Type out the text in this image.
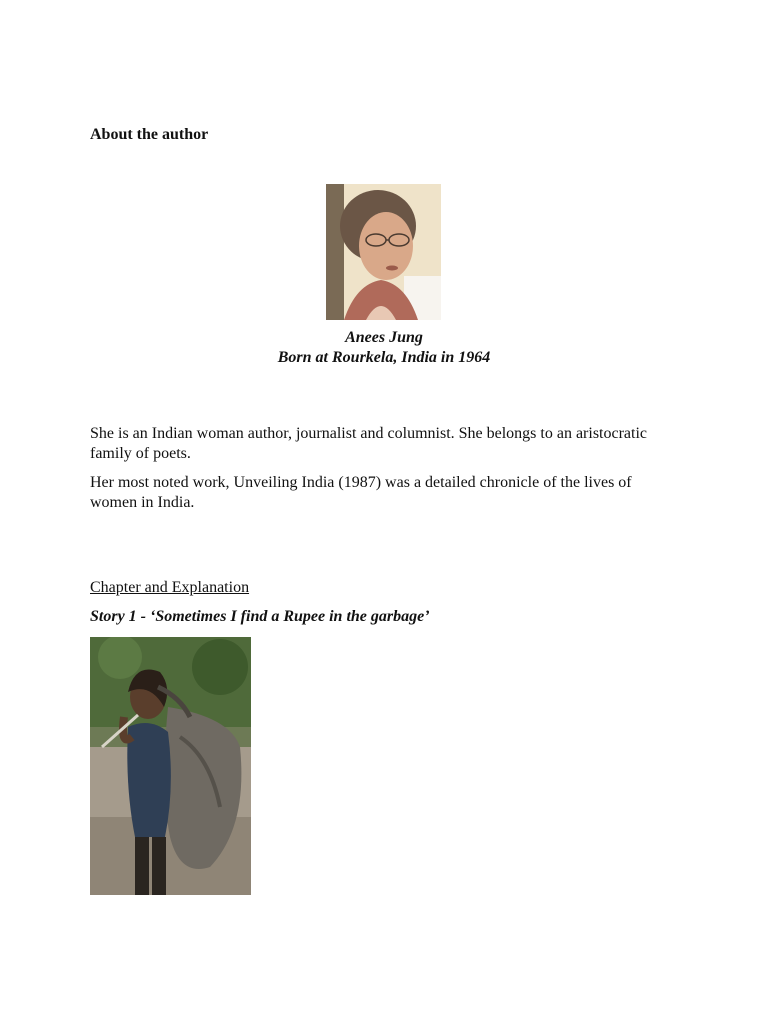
About the author
Anees Jung
Born at Rourkela, India in 1964
She is an Indian woman author, journalist and columnist. She belongs to an aristocratic family of poets.
Her most noted work, Unveiling India (1987) was a detailed chronicle of the lives of women in India.
Chapter and Explanation
Story 1 - ‘Sometimes I find a Rupee in the garbage’
